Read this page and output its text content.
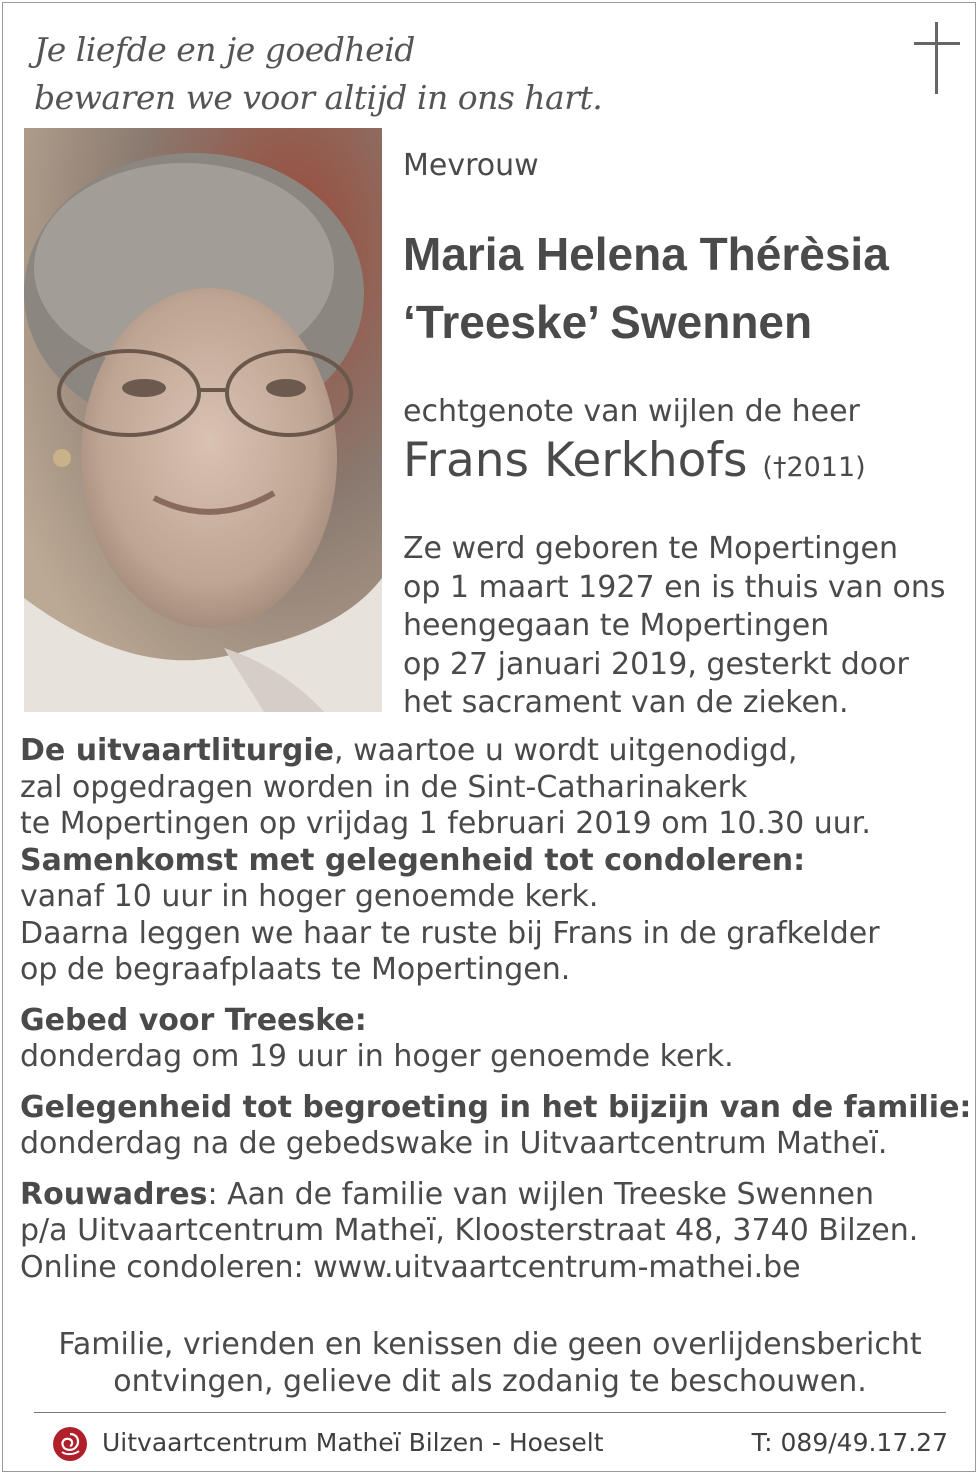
Je liefde en je goedheid
bewaren we voor altijd in ons hart.
Mevrouw
Maria Helena Thérèsia
‘Treeske’ Swennen
echtgenote van wijlen de heer
Frans Kerkhofs (†2011)
Ze werd geboren te Mopertingen
op 1 maart 1927 en is thuis van ons
heengegaan te Mopertingen
op 27 januari 2019, gesterkt door
het sacrament van de zieken.
De uitvaartliturgie, waartoe u wordt uitgenodigd,
zal opgedragen worden in de Sint-Catharinakerk
te Mopertingen op vrijdag 1 februari 2019 om 10.30 uur.
Samenkomst met gelegenheid tot condoleren:
vanaf 10 uur in hoger genoemde kerk.
Daarna leggen we haar te ruste bij Frans in de grafkelder
op de begraafplaats te Mopertingen.
Gebed voor Treeske:
donderdag om 19 uur in hoger genoemde kerk.
Gelegenheid tot begroeting in het bijzijn van de familie:
donderdag na de gebedswake in Uitvaartcentrum Matheï.
Rouwadres: Aan de familie van wijlen Treeske Swennen
p/a Uitvaartcentrum Matheï, Kloosterstraat 48, 3740 Bilzen.
Online condoleren: www.uitvaartcentrum-mathei.be
Familie, vrienden en kenissen die geen overlijdensbericht
ontvingen, gelieve dit als zodanig te beschouwen.
Uitvaartcentrum Matheï Bilzen - Hoeselt	T: 089/49.17.27
